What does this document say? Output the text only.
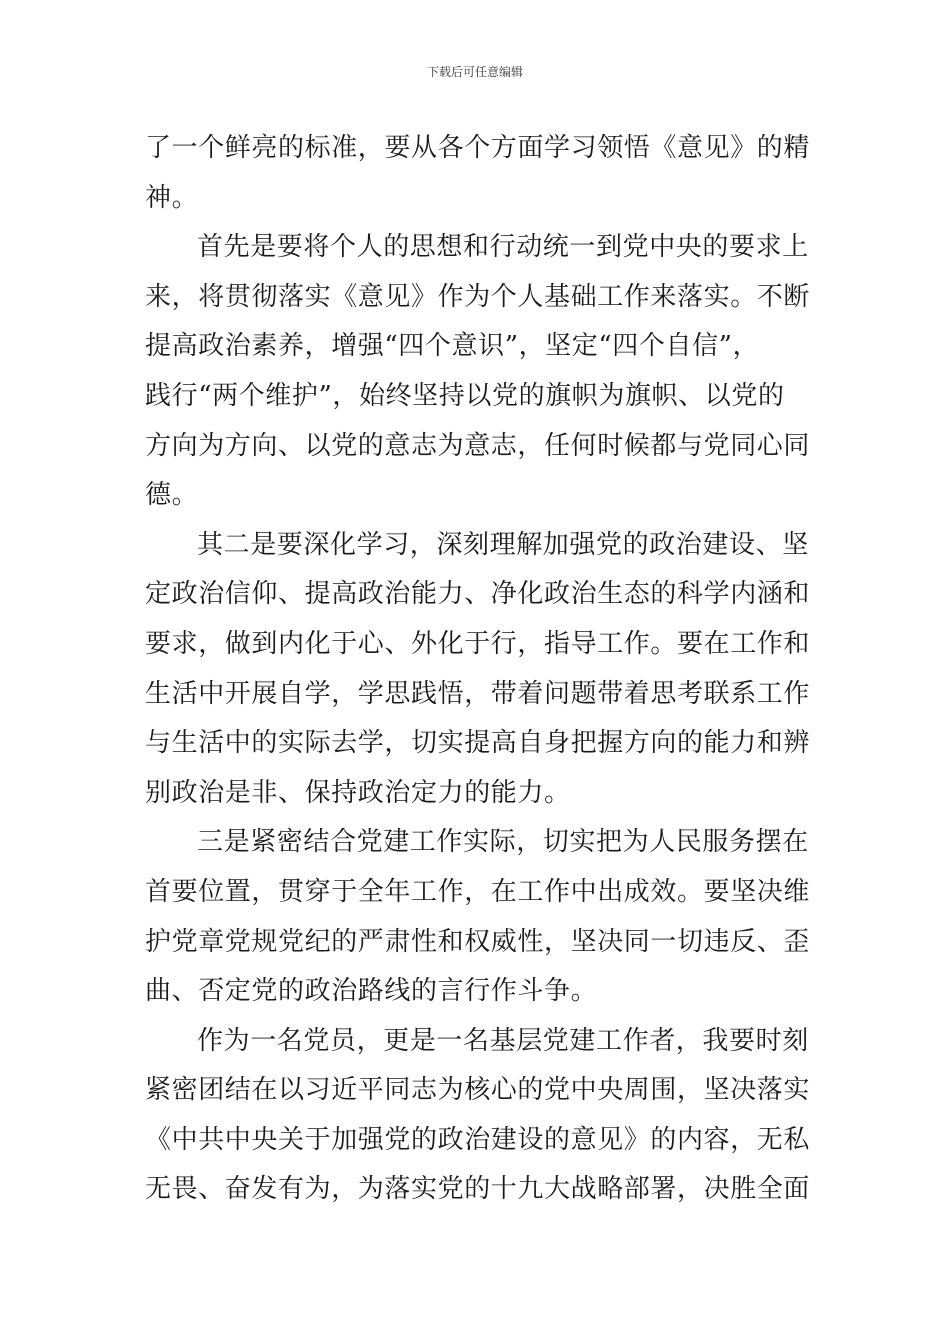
下载后可任意编辑

了一个鲜亮的标准，要从各个方面学习领悟《意见》的精
神。

首先是要将个人的思想和行动统一到党中央的要求上
来，将贯彻落实《意见》作为个人基础工作来落实。不断
提高政治素养，增强“四个意识”，坚定“四个自信”，
践行“两个维护”，始终坚持以党的旗帜为旗帜、以党的
方向为方向、以党的意志为意志，任何时候都与党同心同
德。

其二是要深化学习，深刻理解加强党的政治建设、坚
定政治信仰、提高政治能力、净化政治生态的科学内涵和
要求，做到内化于心、外化于行，指导工作。要在工作和
生活中开展自学，学思践悟，带着问题带着思考联系工作
与生活中的实际去学，切实提高自身把握方向的能力和辨
别政治是非、保持政治定力的能力。

三是紧密结合党建工作实际，切实把为人民服务摆在
首要位置，贯穿于全年工作，在工作中出成效。要坚决维
护党章党规党纪的严肃性和权威性，坚决同一切违反、歪
曲、否定党的政治路线的言行作斗争。

作为一名党员，更是一名基层党建工作者，我要时刻
紧密团结在以习近平同志为核心的党中央周围，坚决落实
《中共中央关于加强党的政治建设的意见》的内容，无私
无畏、奋发有为，为落实党的十九大战略部署，决胜全面
